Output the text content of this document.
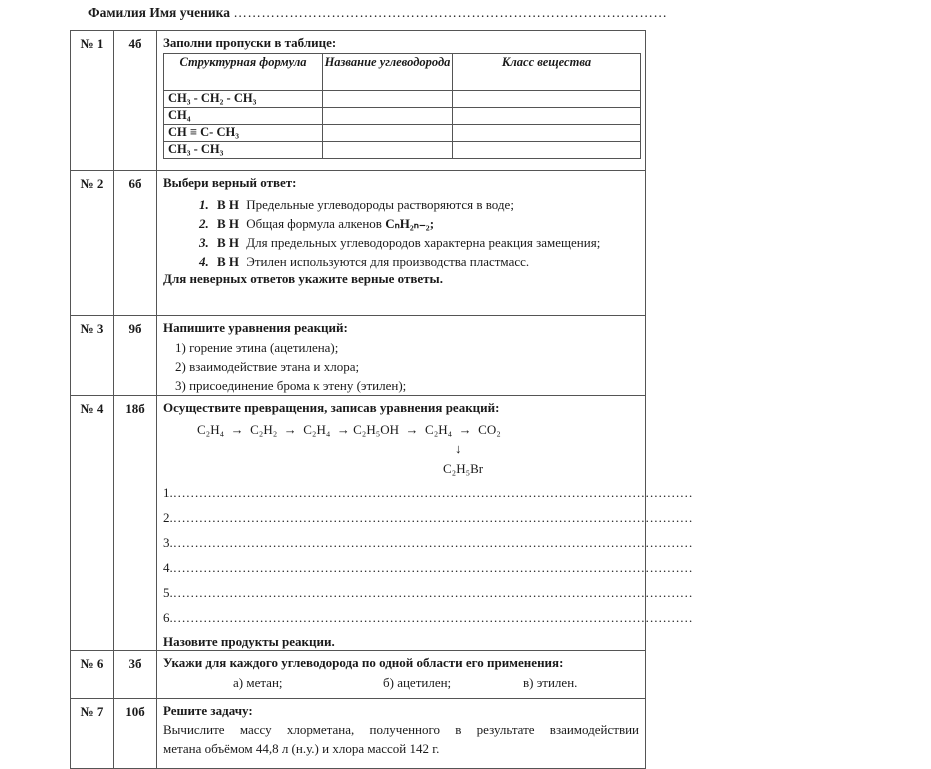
Фамилия Имя ученика …………………………………………………………………………………
№ 1	4б	Заполни пропуски в таблице:
Структурная формула	Название углеводорода	Класс вещества
CH₃ - CH₂ - CH₃		
CH₄		
CH ≡ C- CH₃		
CH₃ - CH₃		

№ 2	6б	Выбери верный ответ:
1. В Н Предельные углеводороды растворяются в воде;
2. В Н Общая формула алкенов CₙH₂ₙ₋₂;
3. В Н Для предельных углеводородов характерна реакция замещения;
4. В Н Этилен используются для производства пластмасс.
Для неверных ответов укажите верные ответы.

№ 3	9б	Напишите уравнения реакций:
1) горение этина (ацетилена);
2) взаимодействие этана и хлора;
3) присоединение брома к этену (этилен);

№ 4	18б	Осуществите превращения, записав уравнения реакций:
C₂H₄  →  C₂H₂  →  C₂H₄  → C₂H₅OH  →  C₂H₄  →  CO₂
↓
C₂H₅Br
1.…………………………………………………………………………………………………………
2.…………………………………………………………………………………………………………
3.…………………………………………………………………………………………………………
4.…………………………………………………………………………………………………………
5.…………………………………………………………………………………………………………
6.…………………………………………………………………………………………………………
Назовите продукты реакции.

№ 6	3б	Укажи для каждого углеводорода по одной области его применения:
а) метан;	б) ацетилен;	в) этилен.

№ 7	10б	Решите задачу:

Вычислите массу хлорметана, полученного в результате взаимодействии

метана объёмом 44,8 л (н.у.) и хлора массой 142 г.
